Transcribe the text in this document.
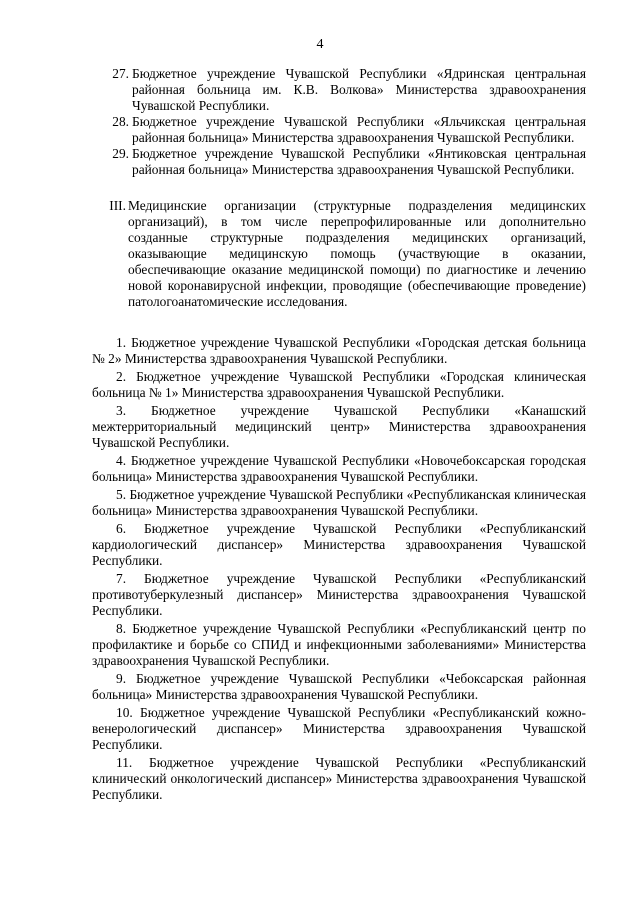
4
27. Бюджетное учреждение Чувашской Республики «Ядринская центральная районная больница им. К.В. Волкова» Министерства здравоохранения Чувашской Республики.
28. Бюджетное учреждение Чувашской Республики «Яльчикская центральная районная больница» Министерства здравоохранения Чувашской Республики.
29. Бюджетное учреждение Чувашской Республики «Янтиковская центральная районная больница» Министерства здравоохранения Чувашской Республики.
III. Медицинские организации (структурные подразделения медицинских организаций), в том числе перепрофилированные или дополнительно созданные структурные подразделения медицинских организаций, оказывающие медицинскую помощь (участвующие в оказании, обеспечивающие оказание медицинской помощи) по диагностике и лечению новой коронавирусной инфекции, проводящие (обеспечивающие проведение) патологоанатомические исследования.

1. Бюджетное учреждение Чувашской Республики «Городская детская больница № 2» Министерства здравоохранения Чувашской Республики.

2. Бюджетное учреждение Чувашской Республики «Городская клиническая больница № 1» Министерства здравоохранения Чувашской Республики.

3. Бюджетное учреждение Чувашской Республики «Канашский межтерриториальный медицинский центр» Министерства здравоохранения Чувашской Республики.

4. Бюджетное учреждение Чувашской Республики «Новочебоксарская городская больница» Министерства здравоохранения Чувашской Республики.

5. Бюджетное учреждение Чувашской Республики «Республиканская клиническая больница» Министерства здравоохранения Чувашской Республики.

6. Бюджетное учреждение Чувашской Республики «Республиканский кардиологический диспансер» Министерства здравоохранения Чувашской Республики.

7. Бюджетное учреждение Чувашской Республики «Республиканский противотуберкулезный диспансер» Министерства здравоохранения Чувашской Республики.

8. Бюджетное учреждение Чувашской Республики «Республиканский центр по профилактике и борьбе со СПИД и инфекционными заболеваниями» Министерства здравоохранения Чувашской Республики.

9. Бюджетное учреждение Чувашской Республики «Чебоксарская районная больница» Министерства здравоохранения Чувашской Республики.

10. Бюджетное учреждение Чувашской Республики «Республиканский кожно-венерологический диспансер» Министерства здравоохранения Чувашской Республики.

11. Бюджетное учреждение Чувашской Республики «Республиканский клинический онкологический диспансер» Министерства здравоохранения Чувашской Республики.
